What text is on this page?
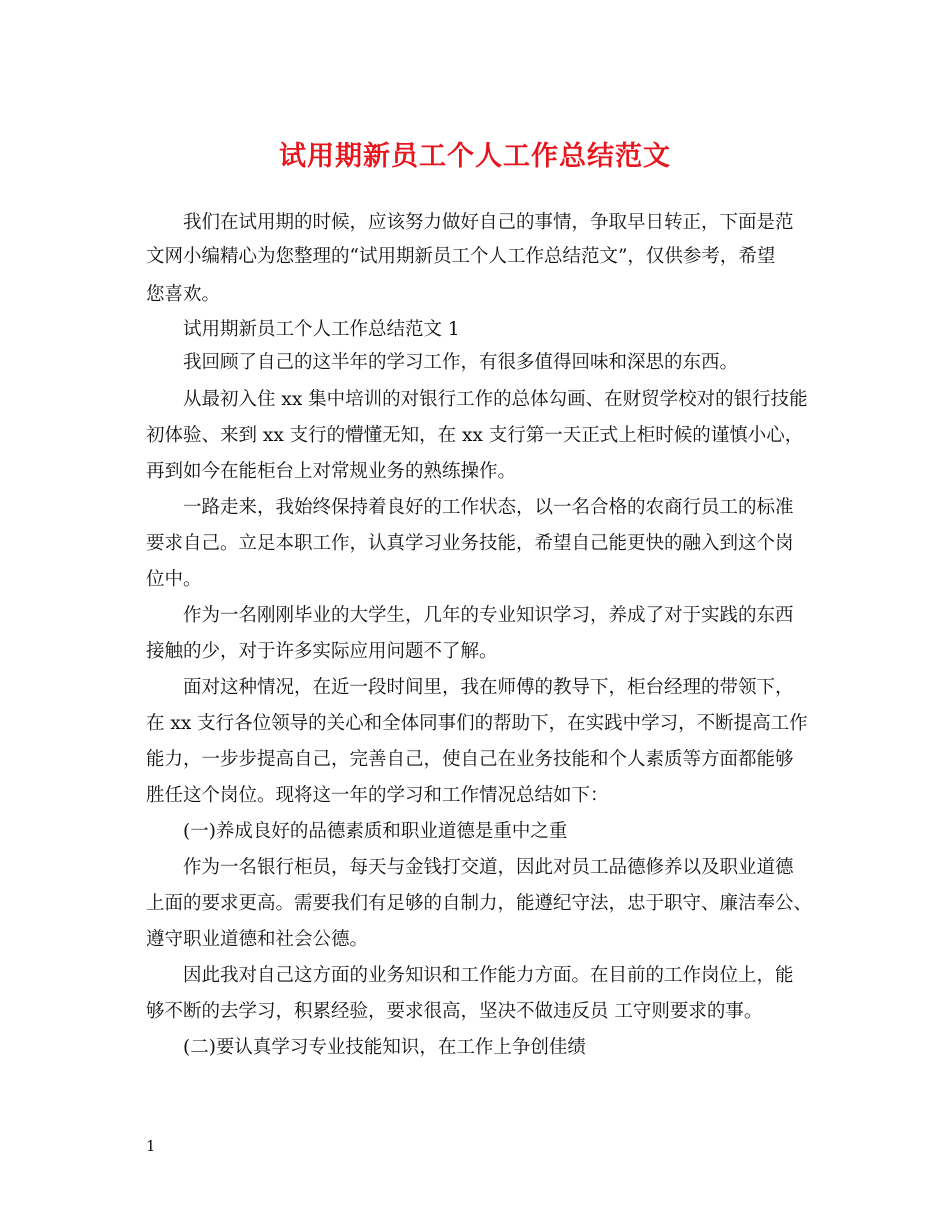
试用期新员工个人工作总结范文
我们在试用期的时候，应该努力做好自己的事情，争取早日转正，下面是范
文网小编精心为您整理的“试用期新员工个人工作总结范文”，仅供参考，希望
您喜欢。
试用期新员工个人工作总结范文 1
我回顾了自己的这半年的学习工作，有很多值得回味和深思的东西。
从最初入住 xx 集中培训的对银行工作的总体勾画、在财贸学校对的银行技能
初体验、来到 xx 支行的懵懂无知，在 xx 支行第一天正式上柜时候的谨慎小心，
再到如今在能柜台上对常规业务的熟练操作。
一路走来，我始终保持着良好的工作状态，以一名合格的农商行员工的标准
要求自己。立足本职工作，认真学习业务技能，希望自己能更快的融入到这个岗
位中。
作为一名刚刚毕业的大学生，几年的专业知识学习，养成了对于实践的东西
接触的少，对于许多实际应用问题不了解。
面对这种情况，在近一段时间里，我在师傅的教导下，柜台经理的带领下，
在 xx 支行各位领导的关心和全体同事们的帮助下，在实践中学习，不断提高工作
能力，一步步提高自己，完善自己，使自己在业务技能和个人素质等方面都能够
胜任这个岗位。现将这一年的学习和工作情况总结如下：
(一)养成良好的品德素质和职业道德是重中之重
作为一名银行柜员，每天与金钱打交道，因此对员工品德修养以及职业道德
上面的要求更高。需要我们有足够的自制力，能遵纪守法，忠于职守、廉洁奉公、
遵守职业道德和社会公德。
因此我对自己这方面的业务知识和工作能力方面。在目前的工作岗位上，能
够不断的去学习，积累经验，要求很高，坚决不做违反员 工守则要求的事。
(二)要认真学习专业技能知识，在工作上争创佳绩
1
